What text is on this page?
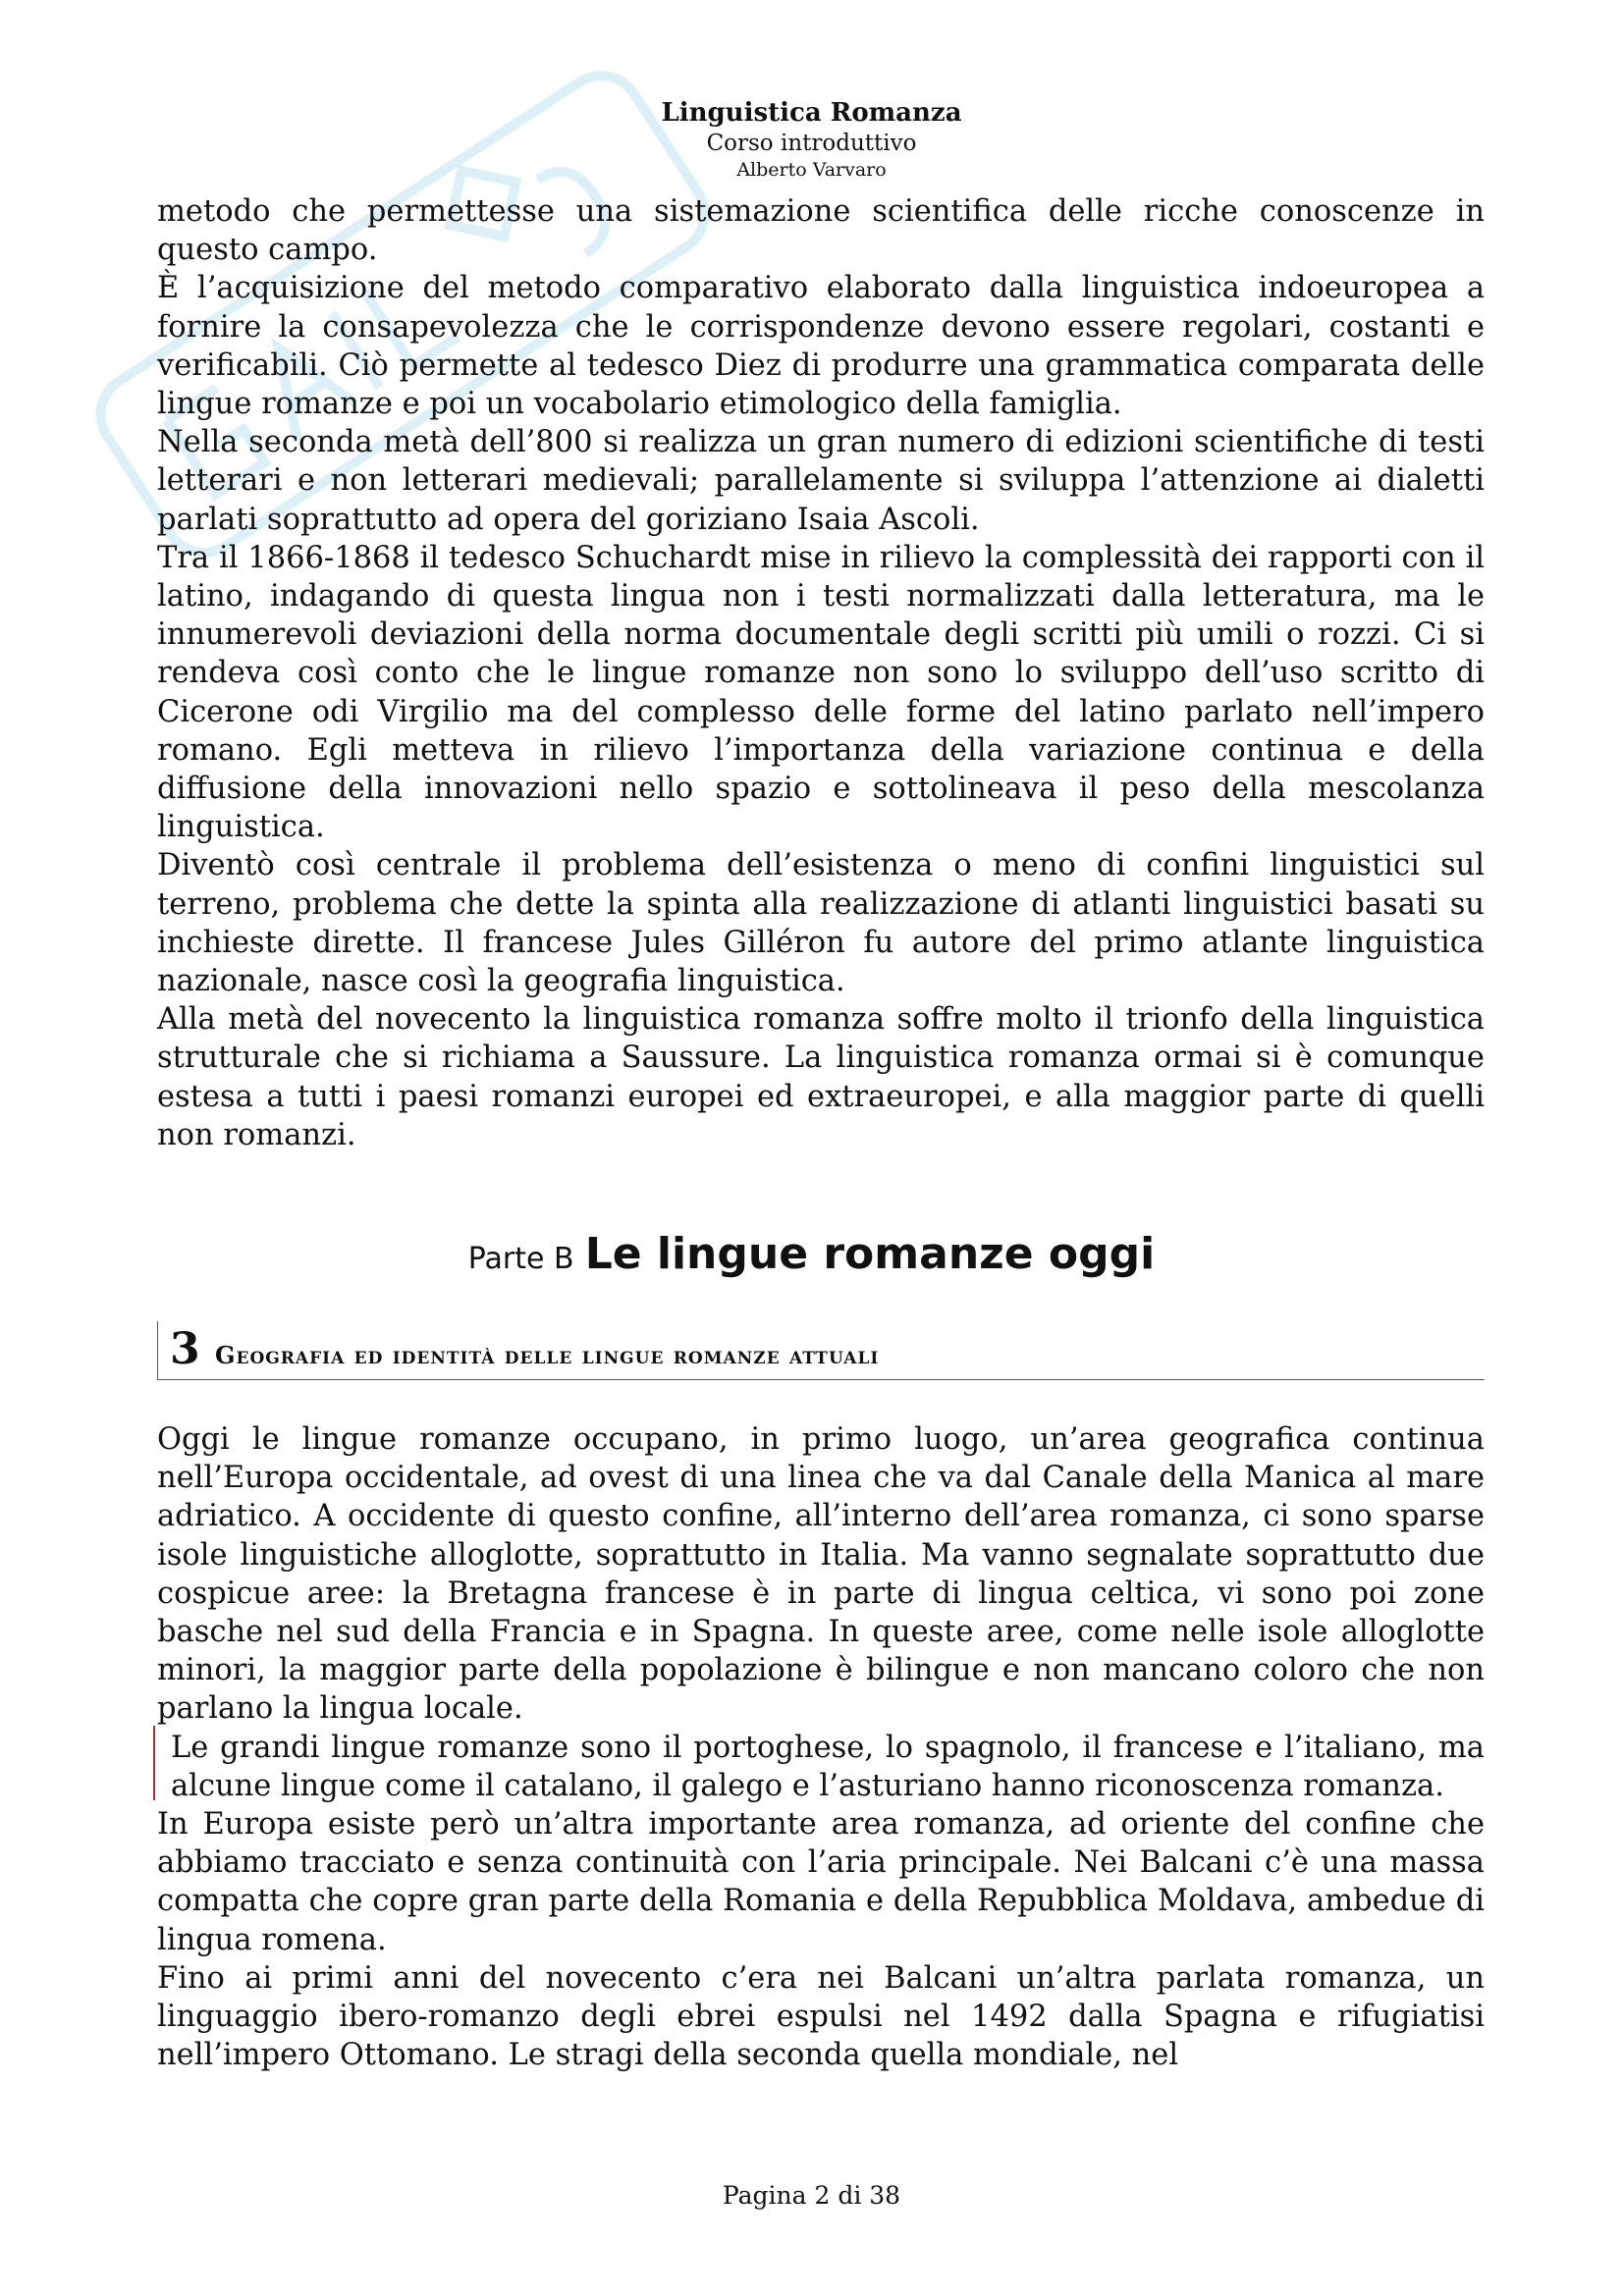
Linguistica Romanza
Corso introduttivo
Alberto Varvaro

metodo che permettesse una sistemazione scientifica delle ricche conoscenze in questo campo.

È l’acquisizione del metodo comparativo elaborato dalla linguistica indoeuropea a fornire la consapevolezza che le corrispondenze devono essere regolari, costanti e verificabili. Ciò permette al tedesco Diez di produrre una grammatica comparata delle lingue romanze e poi un vocabolario etimologico della famiglia.

Nella seconda metà dell’800 si realizza un gran numero di edizioni scientifiche di testi letterari e non letterari medievali; parallelamente si sviluppa l’attenzione ai dialetti parlati soprattutto ad opera del goriziano Isaia Ascoli.

Tra il 1866-1868 il tedesco Schuchardt mise in rilievo la complessità dei rapporti con il latino, indagando di questa lingua non i testi normalizzati dalla letteratura, ma le innumerevoli deviazioni della norma documentale degli scritti più umili o rozzi. Ci si rendeva così conto che le lingue romanze non sono lo sviluppo dell’uso scritto di Cicerone odi Virgilio ma del complesso delle forme del latino parlato nell’impero romano. Egli metteva in rilievo l’importanza della variazione continua e della diffusione della innovazioni nello spazio e sottolineava il peso della mescolanza linguistica.

Diventò così centrale il problema dell’esistenza o meno di confini linguistici sul terreno, problema che dette la spinta alla realizzazione di atlanti linguistici basati su inchieste dirette. Il francese Jules Gilléron fu autore del primo atlante linguistica nazionale, nasce così la geografia linguistica.

Alla metà del novecento la linguistica romanza soffre molto il trionfo della linguistica strutturale che si richiama a Saussure. La linguistica romanza ormai si è comunque estesa a tutti i paesi romanzi europei ed extraeuropei, e alla maggior parte di quelli non romanzi.

Parte B Le lingue romanze oggi
3 Geografia ed identità delle lingue romanze attuali

Oggi le lingue romanze occupano, in primo luogo, un’area geografica continua nell’Europa occidentale, ad ovest di una linea che va dal Canale della Manica al mare adriatico. A occidente di questo confine, all’interno dell’area romanza, ci sono sparse isole linguistiche alloglotte, soprattutto in Italia. Ma vanno segnalate soprattutto due cospicue aree: la Bretagna francese è in parte di lingua celtica, vi sono poi zone basche nel sud della Francia e in Spagna. In queste aree, come nelle isole alloglotte minori, la maggior parte della popolazione è bilingue e non mancano coloro che non parlano la lingua locale.

Le grandi lingue romanze sono il portoghese, lo spagnolo, il francese e l’italiano, ma alcune lingue come il catalano, il galego e l’asturiano hanno riconoscenza romanza.

In Europa esiste però un’altra importante area romanza, ad oriente del confine che abbiamo tracciato e senza continuità con l’aria principale. Nei Balcani c’è una massa compatta che copre gran parte della Romania e della Repubblica Moldava, ambedue di lingua romena.

Fino ai primi anni del novecento c’era nei Balcani un’altra parlata romanza, un linguaggio ibero-romanzo degli ebrei espulsi nel 1492 dalla Spagna e rifugiatisi nell’impero Ottomano. Le stragi della seconda quella mondiale, nel

Pagina 2 di 38
